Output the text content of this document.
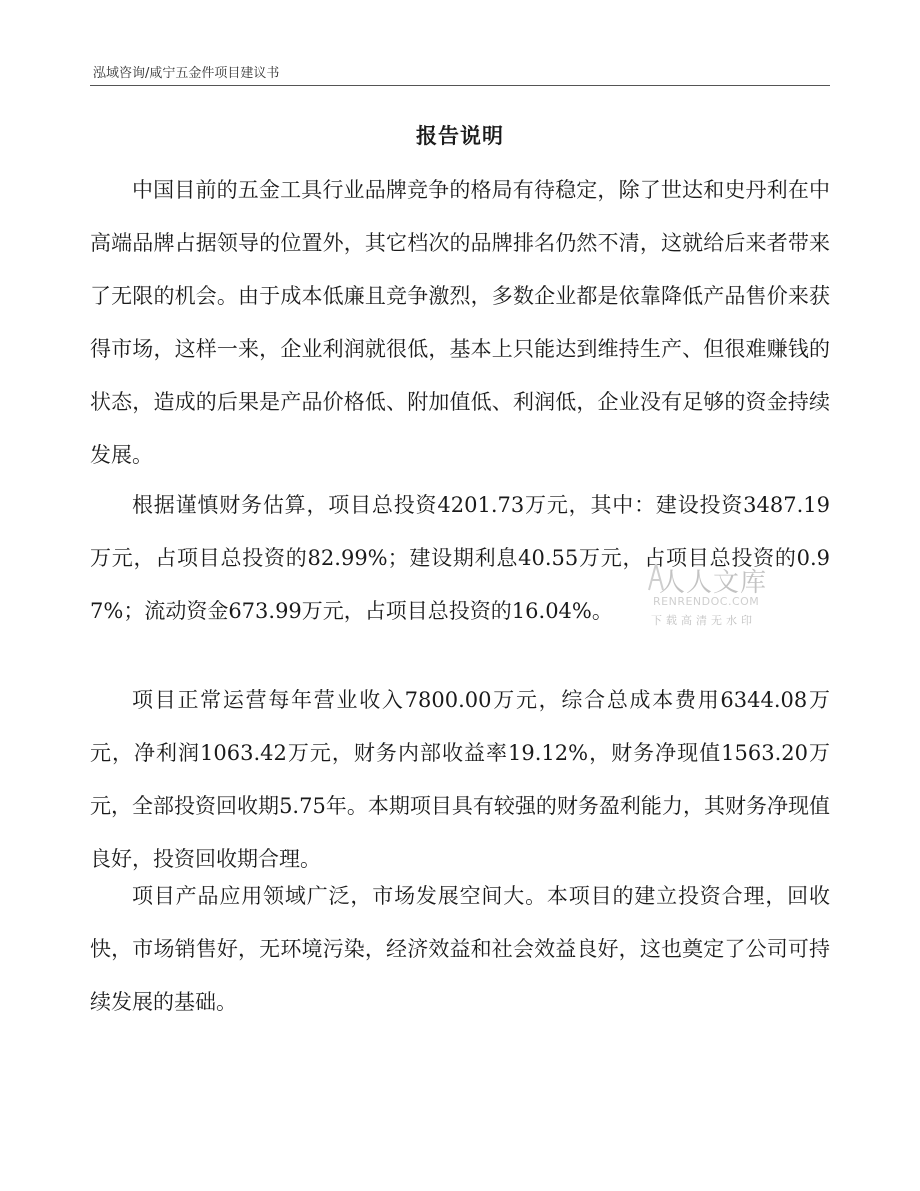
泓域咨询/咸宁五金件项目建议书
报告说明

中国目前的五金工具行业品牌竞争的格局有待稳定，除了世达和史丹利在中高端品牌占据领导的位置外，其它档次的品牌排名仍然不清，这就给后来者带来了无限的机会。由于成本低廉且竞争激烈，多数企业都是依靠降低产品售价来获得市场，这样一来，企业利润就很低，基本上只能达到维持生产、但很难赚钱的状态，造成的后果是产品价格低、附加值低、利润低，企业没有足够的资金持续发展。

根据谨慎财务估算，项目总投资4201.73万元，其中：建设投资3487.19万元，占项目总投资的82.99%；建设期利息40.55万元，占项目总投资的0.97%；流动资金673.99万元，占项目总投资的16.04%。

项目正常运营每年营业收入7800.00万元，综合总成本费用6344.08万元，净利润1063.42万元，财务内部收益率19.12%，财务净现值1563.20万元，全部投资回收期5.75年。本期项目具有较强的财务盈利能力，其财务净现值良好，投资回收期合理。

项目产品应用领域广泛，市场发展空间大。本项目的建立投资合理，回收快，市场销售好，无环境污染，经济效益和社会效益良好，这也奠定了公司可持续发展的基础。

人人文库
RENRENDOC.COM
下载高清无水印
